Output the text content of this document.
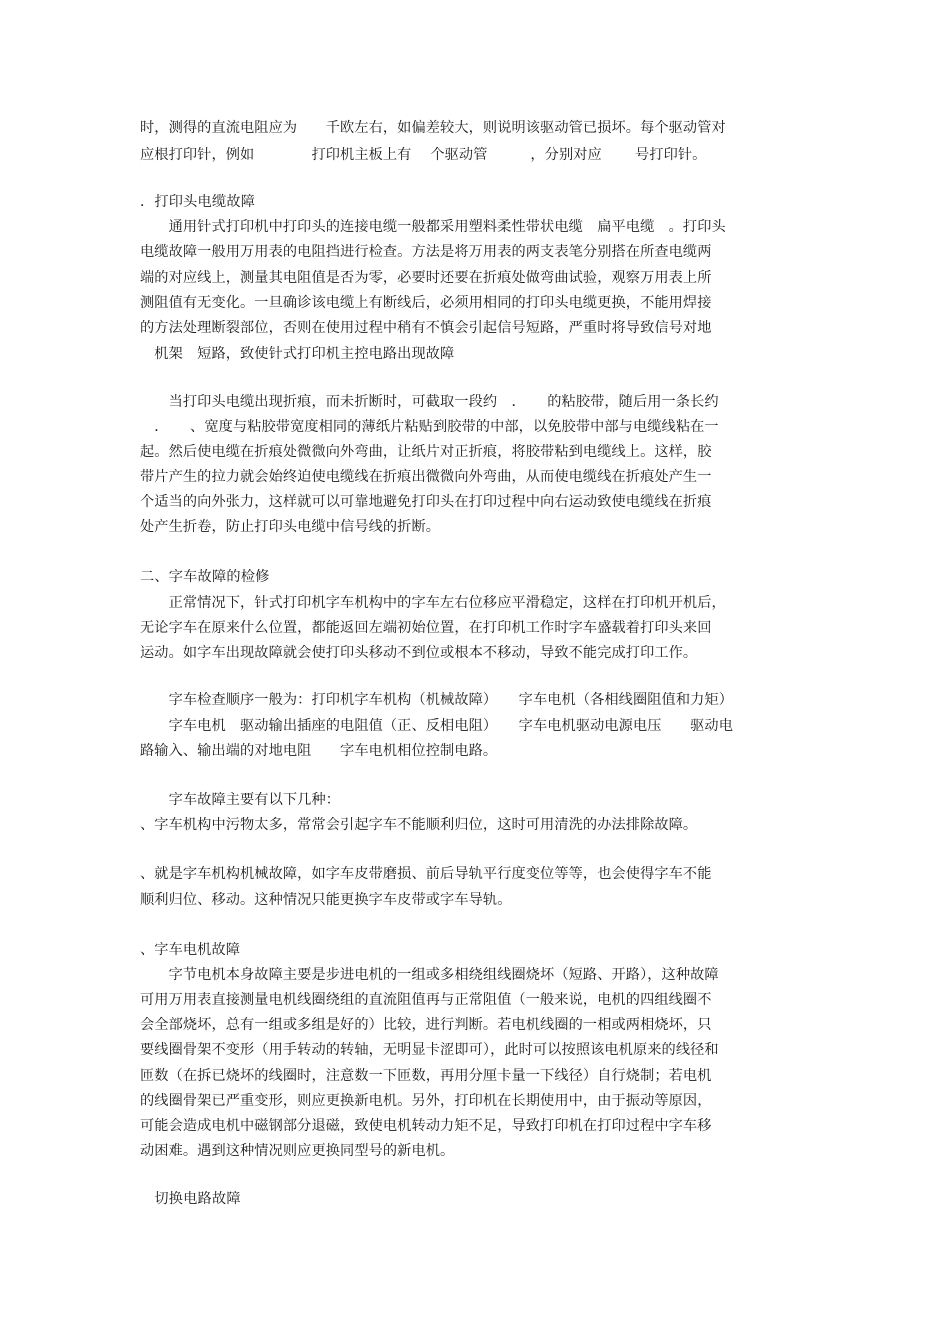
时，测得的直流电阻应为　　千欧左右，如偏差较大，则说明该驱动管已损坏。每个驱动管对
应根打印针，例如　　　　打印机主板上有　 个驱动管　　　，分别对应　　 号打印针。
．打印头电缆故障
　　通用针式打印机中打印头的连接电缆一般都采用塑料柔性带状电缆　扁平电缆　。打印头
电缆故障一般用万用表的电阻挡进行检查。方法是将万用表的两支表笔分别搭在所查电缆两
端的对应线上，测量其电阻值是否为零，必要时还要在折痕处做弯曲试验，观察万用表上所
测阻值有无变化。一旦确诊该电缆上有断线后，必须用相同的打印头电缆更换，不能用焊接
的方法处理断裂部位，否则在使用过程中稍有不慎会引起信号短路，严重时将导致信号对地
　机架　短路，致使针式打印机主控电路出现故障
　　当打印头电缆出现折痕，而未折断时，可截取一段约　．　　的粘胶带，随后用一条长约
　．　　、宽度与粘胶带宽度相同的薄纸片粘贴到胶带的中部，以免胶带中部与电缆线粘在一
起。然后使电缆在折痕处微微向外弯曲，让纸片对正折痕，将胶带粘到电缆线上。这样，胶
带片产生的拉力就会始终迫使电缆线在折痕出微微向外弯曲，从而使电缆线在折痕处产生一
个适当的向外张力，这样就可以可靠地避免打印头在打印过程中向右运动致使电缆线在折痕
处产生折卷，防止打印头电缆中信号线的折断。
二、字车故障的检修
　　正常情况下，针式打印机字车机构中的字车左右位移应平滑稳定，这样在打印机开机后，
无论字车在原来什么位置，都能返回左端初始位置，在打印机工作时字车盛载着打印头来回
运动。如字车出现故障就会使打印头移动不到位或根本不移动，导致不能完成打印工作。
　　字车检查顺序一般为：打印机字车机构（机械故障）　　字车电机（各相线圈阻值和力矩）
　　字车电机　驱动输出插座的电阻值（正、反相电阻）　　字车电机驱动电源电压　　驱动电
路输入、输出端的对地电阻　　字车电机相位控制电路。
　　字车故障主要有以下几种：
、字车机构中污物太多，常常会引起字车不能顺利归位，这时可用清洗的办法排除故障。
、就是字车机构机械故障，如字车皮带磨损、前后导轨平行度变位等等，也会使得字车不能
顺利归位、移动。这种情况只能更换字车皮带或字车导轨。
、字车电机故障
　　字节电机本身故障主要是步进电机的一组或多相绕组线圈烧坏（短路、开路），这种故障
可用万用表直接测量电机线圈绕组的直流阻值再与正常阻值（一般来说，电机的四组线圈不
会全部烧坏，总有一组或多组是好的）比较，进行判断。若电机线圈的一相或两相烧坏，只
要线圈骨架不变形（用手转动的转轴，无明显卡涩即可），此时可以按照该电机原来的线径和
匝数（在拆已烧坏的线圈时，注意数一下匝数，再用分厘卡量一下线径）自行烧制；若电机
的线圈骨架已严重变形，则应更换新电机。另外，打印机在长期使用中，由于振动等原因，
可能会造成电机中磁钢部分退磁，致使电机转动力矩不足，导致打印机在打印过程中字车移
动困难。遇到这种情况则应更换同型号的新电机。
　切换电路故障
